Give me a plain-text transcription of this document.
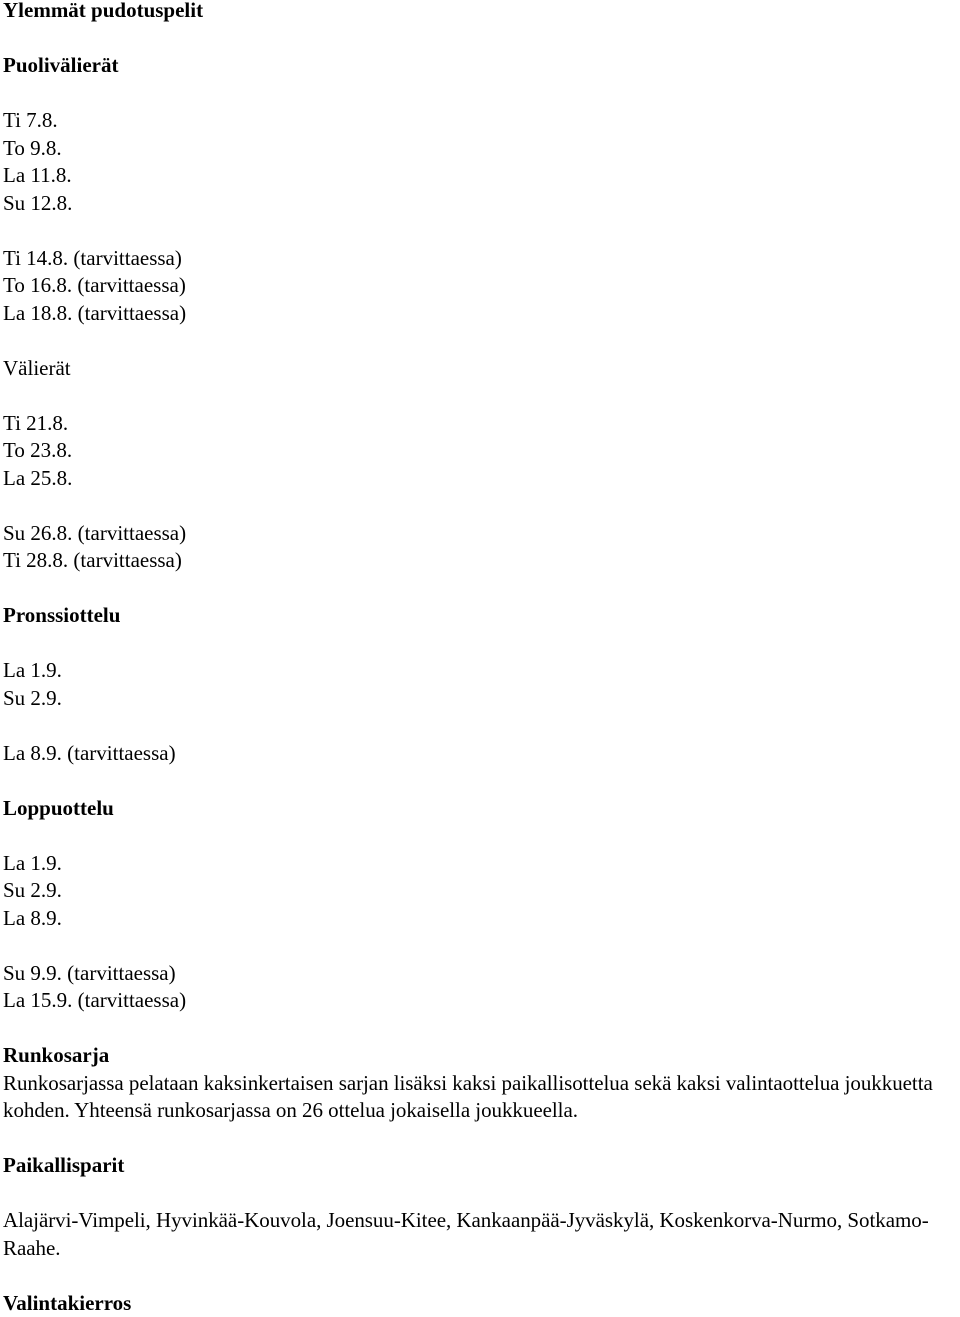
Ylemmät pudotuspelit
Puolivälierät
Ti 7.8.
To 9.8.
La 11.8.
Su 12.8.
Ti 14.8. (tarvittaessa)
To 16.8. (tarvittaessa)
La 18.8. (tarvittaessa)
Välierät
Ti 21.8.
To 23.8.
La 25.8.
Su 26.8. (tarvittaessa)
Ti 28.8. (tarvittaessa)
Pronssiottelu
La 1.9.
Su 2.9.
La 8.9. (tarvittaessa)
Loppuottelu
La 1.9.
Su 2.9.
La 8.9.
Su 9.9. (tarvittaessa)
La 15.9. (tarvittaessa)
Runkosarja
Runkosarjassa pelataan kaksinkertaisen sarjan lisäksi kaksi paikallisottelua sekä kaksi valintaottelua joukkuetta kohden. Yhteensä runkosarjassa on 26 ottelua jokaisella joukkueella.
Paikallisparit
Alajärvi-Vimpeli, Hyvinkää-Kouvola, Joensuu-Kitee, Kankaanpää-Jyväskylä, Koskenkorva-Nurmo, Sotkamo-Raahe.
Valintakierros
